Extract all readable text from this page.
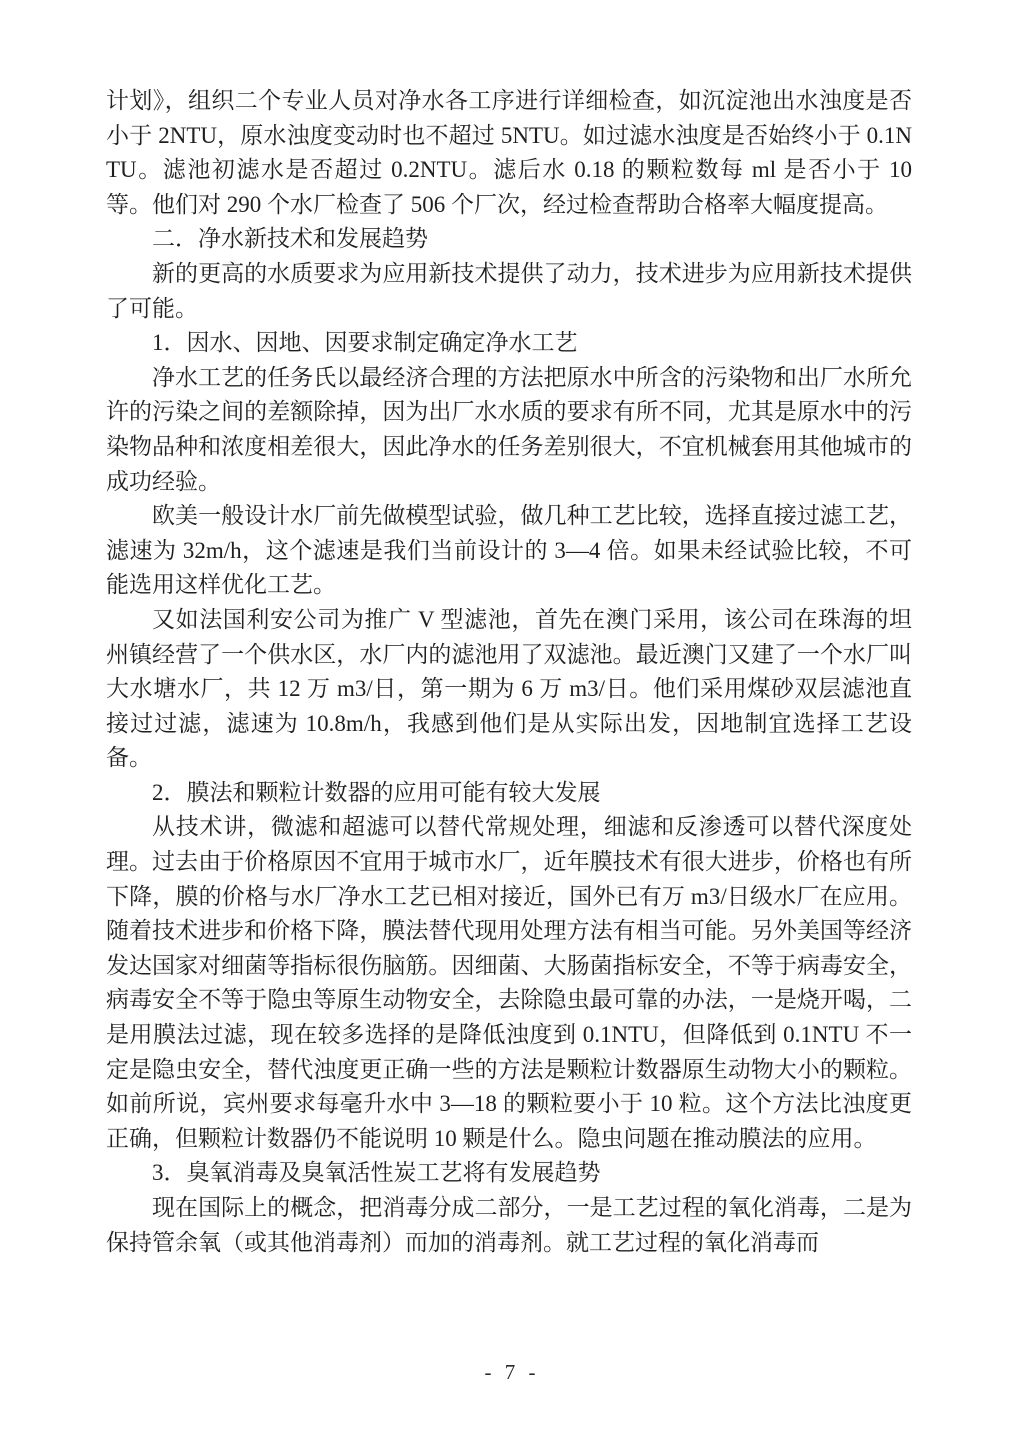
计划》，组织二个专业人员对净水各工序进行详细检查，如沉淀池出水浊度是否小于 2NTU，原水浊度变动时也不超过 5NTU。如过滤水浊度是否始终小于 0.1NTU。滤池初滤水是否超过 0.2NTU。滤后水 0.18 的颗粒数每 ml 是否小于 10 等。他们对 290 个水厂检查了 506 个厂次，经过检查帮助合格率大幅度提高。

二．净水新技术和发展趋势

新的更高的水质要求为应用新技术提供了动力，技术进步为应用新技术提供了可能。

1．因水、因地、因要求制定确定净水工艺

净水工艺的任务氏以最经济合理的方法把原水中所含的污染物和出厂水所允许的污染之间的差额除掉，因为出厂水水质的要求有所不同，尤其是原水中的污染物品种和浓度相差很大，因此净水的任务差别很大，不宜机械套用其他城市的成功经验。

欧美一般设计水厂前先做模型试验，做几种工艺比较，选择直接过滤工艺，滤速为 32m/h，这个滤速是我们当前设计的 3—4 倍。如果未经试验比较，不可能选用这样优化工艺。

又如法国利安公司为推广 V 型滤池，首先在澳门采用，该公司在珠海的坦州镇经营了一个供水区，水厂内的滤池用了双滤池。最近澳门又建了一个水厂叫大水塘水厂，共 12 万 m3/日，第一期为 6 万 m3/日。他们采用煤砂双层滤池直接过过滤，滤速为 10.8m/h，我感到他们是从实际出发，因地制宜选择工艺设备。

2．膜法和颗粒计数器的应用可能有较大发展

从技术讲，微滤和超滤可以替代常规处理，细滤和反渗透可以替代深度处理。过去由于价格原因不宜用于城市水厂，近年膜技术有很大进步，价格也有所下降，膜的价格与水厂净水工艺已相对接近，国外已有万 m3/日级水厂在应用。随着技术进步和价格下降，膜法替代现用处理方法有相当可能。另外美国等经济发达国家对细菌等指标很伤脑筋。因细菌、大肠菌指标安全，不等于病毒安全，病毒安全不等于隐虫等原生动物安全，去除隐虫最可靠的办法，一是烧开喝，二是用膜法过滤，现在较多选择的是降低浊度到 0.1NTU，但降低到 0.1NTU 不一定是隐虫安全，替代浊度更正确一些的方法是颗粒计数器原生动物大小的颗粒。如前所说，宾州要求每毫升水中 3—18 的颗粒要小于 10 粒。这个方法比浊度更正确，但颗粒计数器仍不能说明 10 颗是什么。隐虫问题在推动膜法的应用。

3．臭氧消毒及臭氧活性炭工艺将有发展趋势

现在国际上的概念，把消毒分成二部分，一是工艺过程的氧化消毒，二是为保持管余氧（或其他消毒剂）而加的消毒剂。就工艺过程的氧化消毒而

- 7 -
